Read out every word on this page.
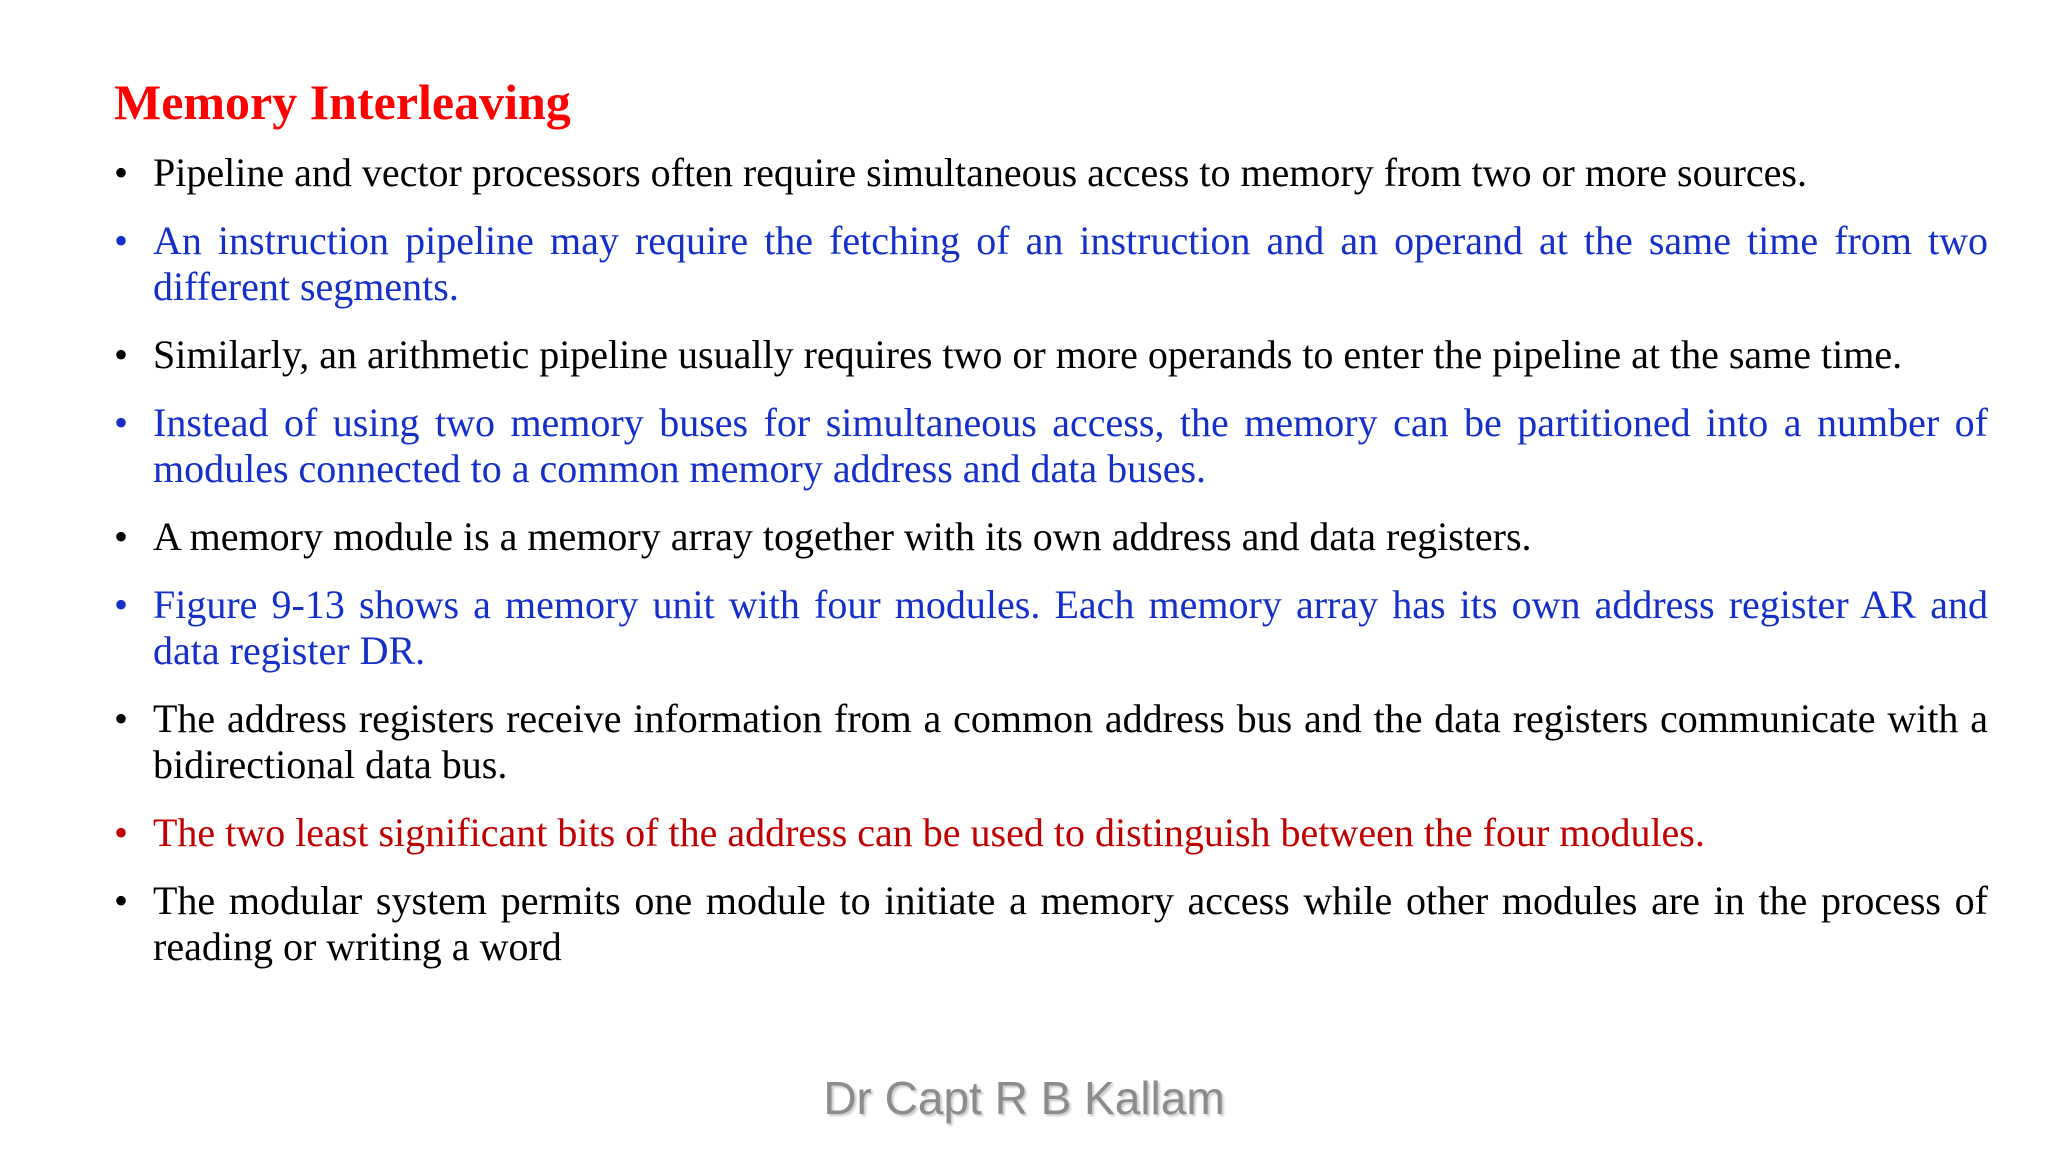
Memory Interleaving
• Pipeline and vector processors often require simultaneous access to memory from two or more sources.
• An instruction pipeline may require the fetching of an instruction and an operand at the same time from two different segments.
• Similarly, an arithmetic pipeline usually requires two or more operands to enter the pipeline at the same time.
• Instead of using two memory buses for simultaneous access, the memory can be partitioned into a number of modules connected to a common memory address and data buses.
• A memory module is a memory array together with its own address and data registers.
• Figure 9-13 shows a memory unit with four modules. Each memory array has its own address register AR and data register DR.
• The address registers receive information from a common address bus and the data registers communicate with a bidirectional data bus.
• The two least significant bits of the address can be used to distinguish between the four modules.
• The modular system permits one module to initiate a memory access while other modules are in the process of reading or writing a word
Dr Capt R B Kallam
